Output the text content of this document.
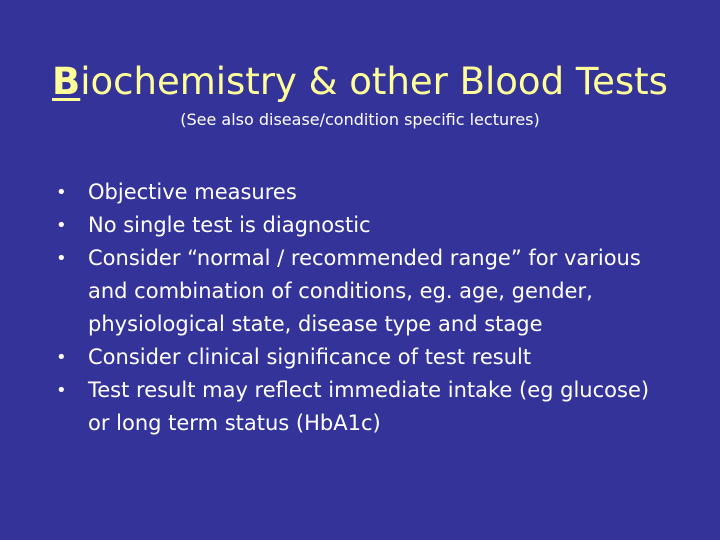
Biochemistry & other Blood Tests

(See also disease/condition specific lectures)

•	Objective measures
•	No single test is diagnostic
•	Consider “normal / recommended range” for various and combination of conditions, eg. age, gender, physiological state, disease type and stage
•	Consider clinical significance of test result
•	Test result may reflect immediate intake (eg glucose) or long term status (HbA1c)
